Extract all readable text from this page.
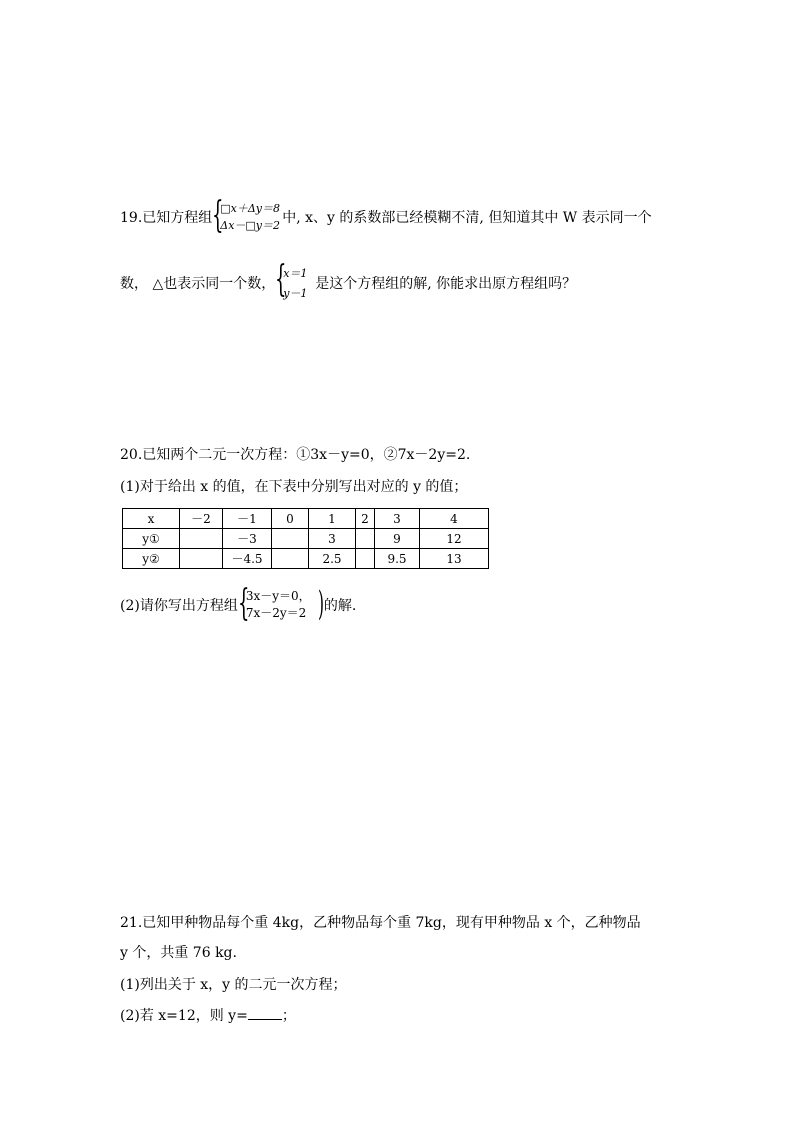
19.已知方程组 {
□x＋Δy＝8
Δx－□y＝2 中, x、y 的系数部已经模糊不清, 但知道其中 W 表示同一个
数， △也表示同一个数， {
x＝1
y－1
是这个方程组的解, 你能求出原方程组吗？
20.已知两个二元一次方程：①3x－y=0，②7x－2y=2.
(1)对于给出 x 的值，在下表中分别写出对应的 y 的值；
x	－2	－1	0	1	2	3	4
y①		－3		3		9	12
y②		－4.5		2.5		9.5	13
(2)请你写出方程组 {
3x－y＝0，
7x－2y＝2 ) 的解.
21.已知甲种物品每个重 4kg，乙种物品每个重 7kg，现有甲种物品 x 个，乙种物品
y 个，共重 76 kg.
(1)列出关于 x，y 的二元一次方程；
(2)若 x=12，则 y= ；
